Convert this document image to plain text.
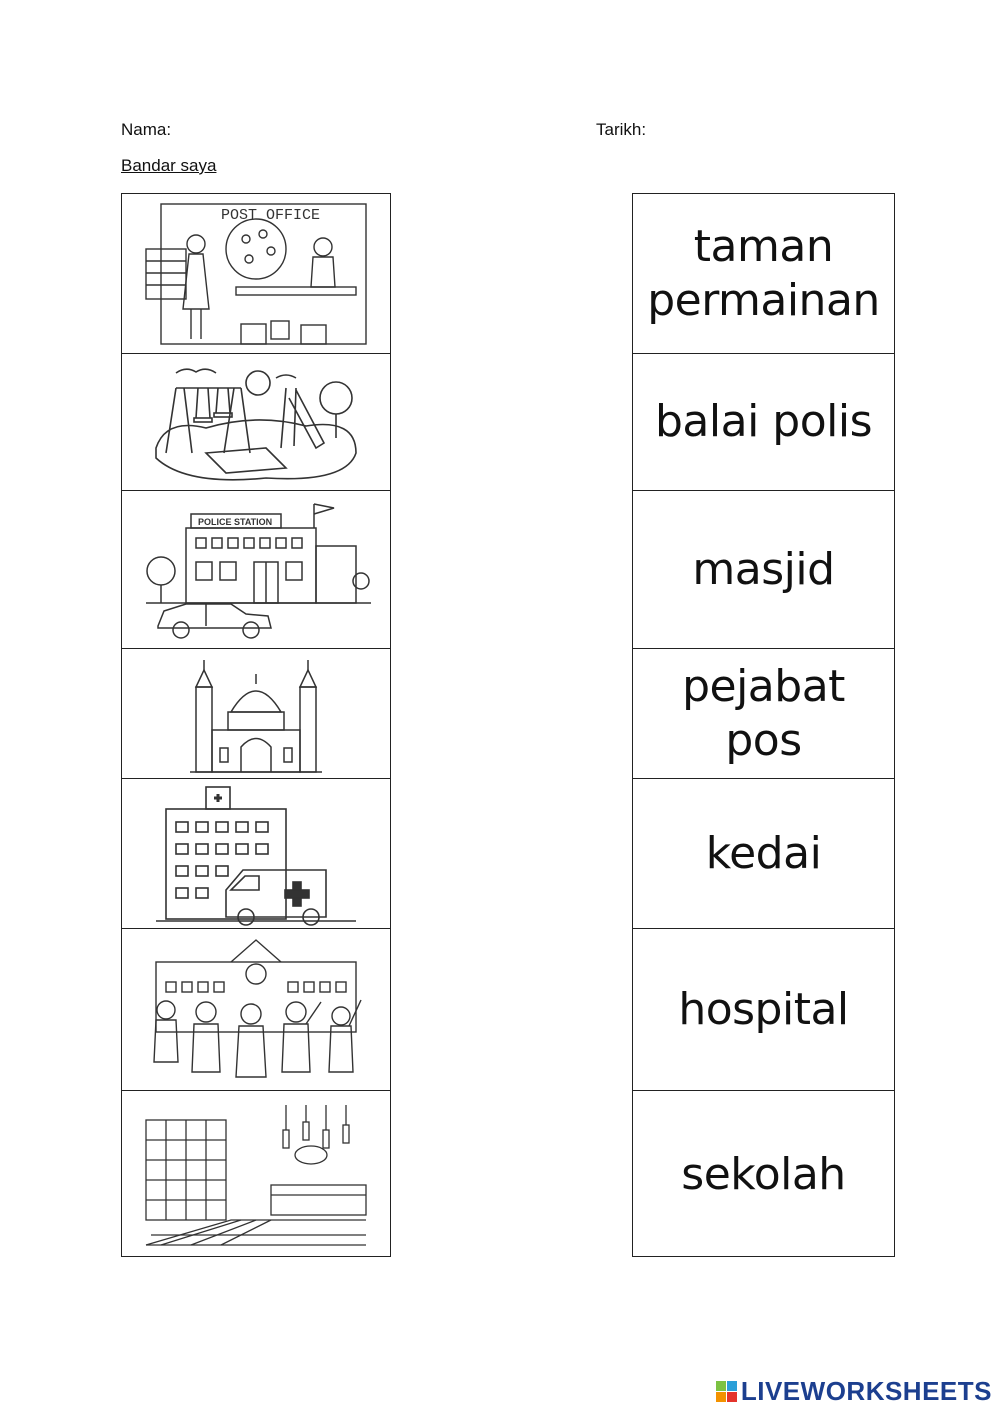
Nama:	Tarikh:
Bandar saya
POST OFFICE
POLICE STATION
taman permainan
balai polis
masjid
pejabat pos
kedai
hospital
sekolah
LIVEWORKSHEETS
